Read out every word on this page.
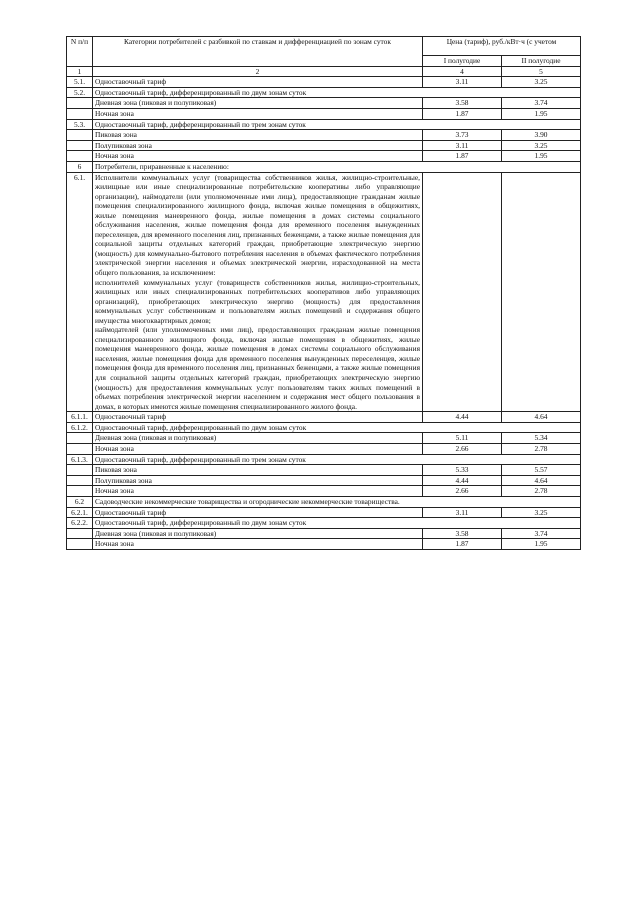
N п/п	Категории потребителей с разбивкой по ставкам и дифференциацией по зонам суток	Цена (тариф), руб./кВт·ч (с учетом	
		I полугодие	II полугодие
1	2	4	5
5.1.	Одноставочный тариф	3.11	3.25
5.2.	Одноставочный тариф, дифференцированный по двум зонам суток		
	Дневная зона (пиковая и полупиковая)	3.58	3.74
	Ночная зона	1.87	1.95
5.3.	Одноставочный тариф, дифференцированный по трем зонам суток		
	Пиковая зона	3.73	3.90
	Полупиковая зона	3.11	3.25
	Ночная зона	1.87	1.95
6	Потребители, приравненные к населению:		
6.1.	Исполнители коммунальных услуг (товарищества собственников жилья, жилищно-строительные, жилищные или иные специализированные потребительские кооперативы либо управляющие организации), наймодатели (или уполномоченные ими лица), предоставляющие гражданам жилые помещения специализированного жилищного фонда, включая жилые помещения в общежитиях, жилые помещения маневренного фонда, жилые помещения в домах системы социального обслуживания населения, жилые помещения фонда для временного поселения вынужденных переселенцев, для временного поселения лиц, признанных беженцами, а также жилые помещения для социальной защиты отдельных категорий граждан, приобретающие электрическую энергию (мощность) для коммунально-бытового потребления населения в объемах фактического потребления электрической энергии населения и объемах электрической энергии, израсходованной на места общего пользования, за исключением:
исполнителей коммунальных услуг (товариществ собственников жилья, жилищно-строительных, жилищных или иных специализированных потребительских кооперативов либо управляющих организаций), приобретающих электрическую энергию (мощность) для предоставления коммунальных услуг собственникам и пользователям жилых помещений и содержания общего имущества многоквартирных домов;
наймодателей (или уполномоченных ими лиц), предоставляющих гражданам жилые помещения специализированного жилищного фонда, включая жилые помещения в общежитиях, жилые помещения маневренного фонда, жилые помещения в домах системы социального обслуживания населения, жилые помещения фонда для временного поселения вынужденных переселенцев, жилые помещения фонда для временного поселения лиц, признанных беженцами, а также жилые помещения для социальной защиты отдельных категорий граждан, приобретающих электрическую энергию (мощность) для предоставления коммунальных услуг пользователям таких жилых помещений в объемах потребления электрической энергии населением и содержания мест общего пользования в домах, в которых имеются жилые помещения специализированного жилого фонда.		

6.1.1.	Одноставочный тариф	4.44	4.64
6.1.2.	Одноставочный тариф, дифференцированный по двум зонам суток		
	Дневная зона (пиковая и полупиковая)	5.11	5.34
	Ночная зона	2.66	2.78
6.1.3.	Одноставочный тариф, дифференцированный по трем зонам суток		
	Пиковая зона	5.33	5.57
	Полупиковая зона	4.44	4.64
	Ночная зона	2.66	2.78
6.2	Садоводческие некоммерческие товарищества и огороднические некоммерческие товарищества.		
6.2.1.	Одноставочный тариф	3.11	3.25
6.2.2.	Одноставочный тариф, дифференцированный по двум зонам суток		
	Дневная зона (пиковая и полупиковая)	3.58	3.74
	Ночная зона	1.87	1.95
